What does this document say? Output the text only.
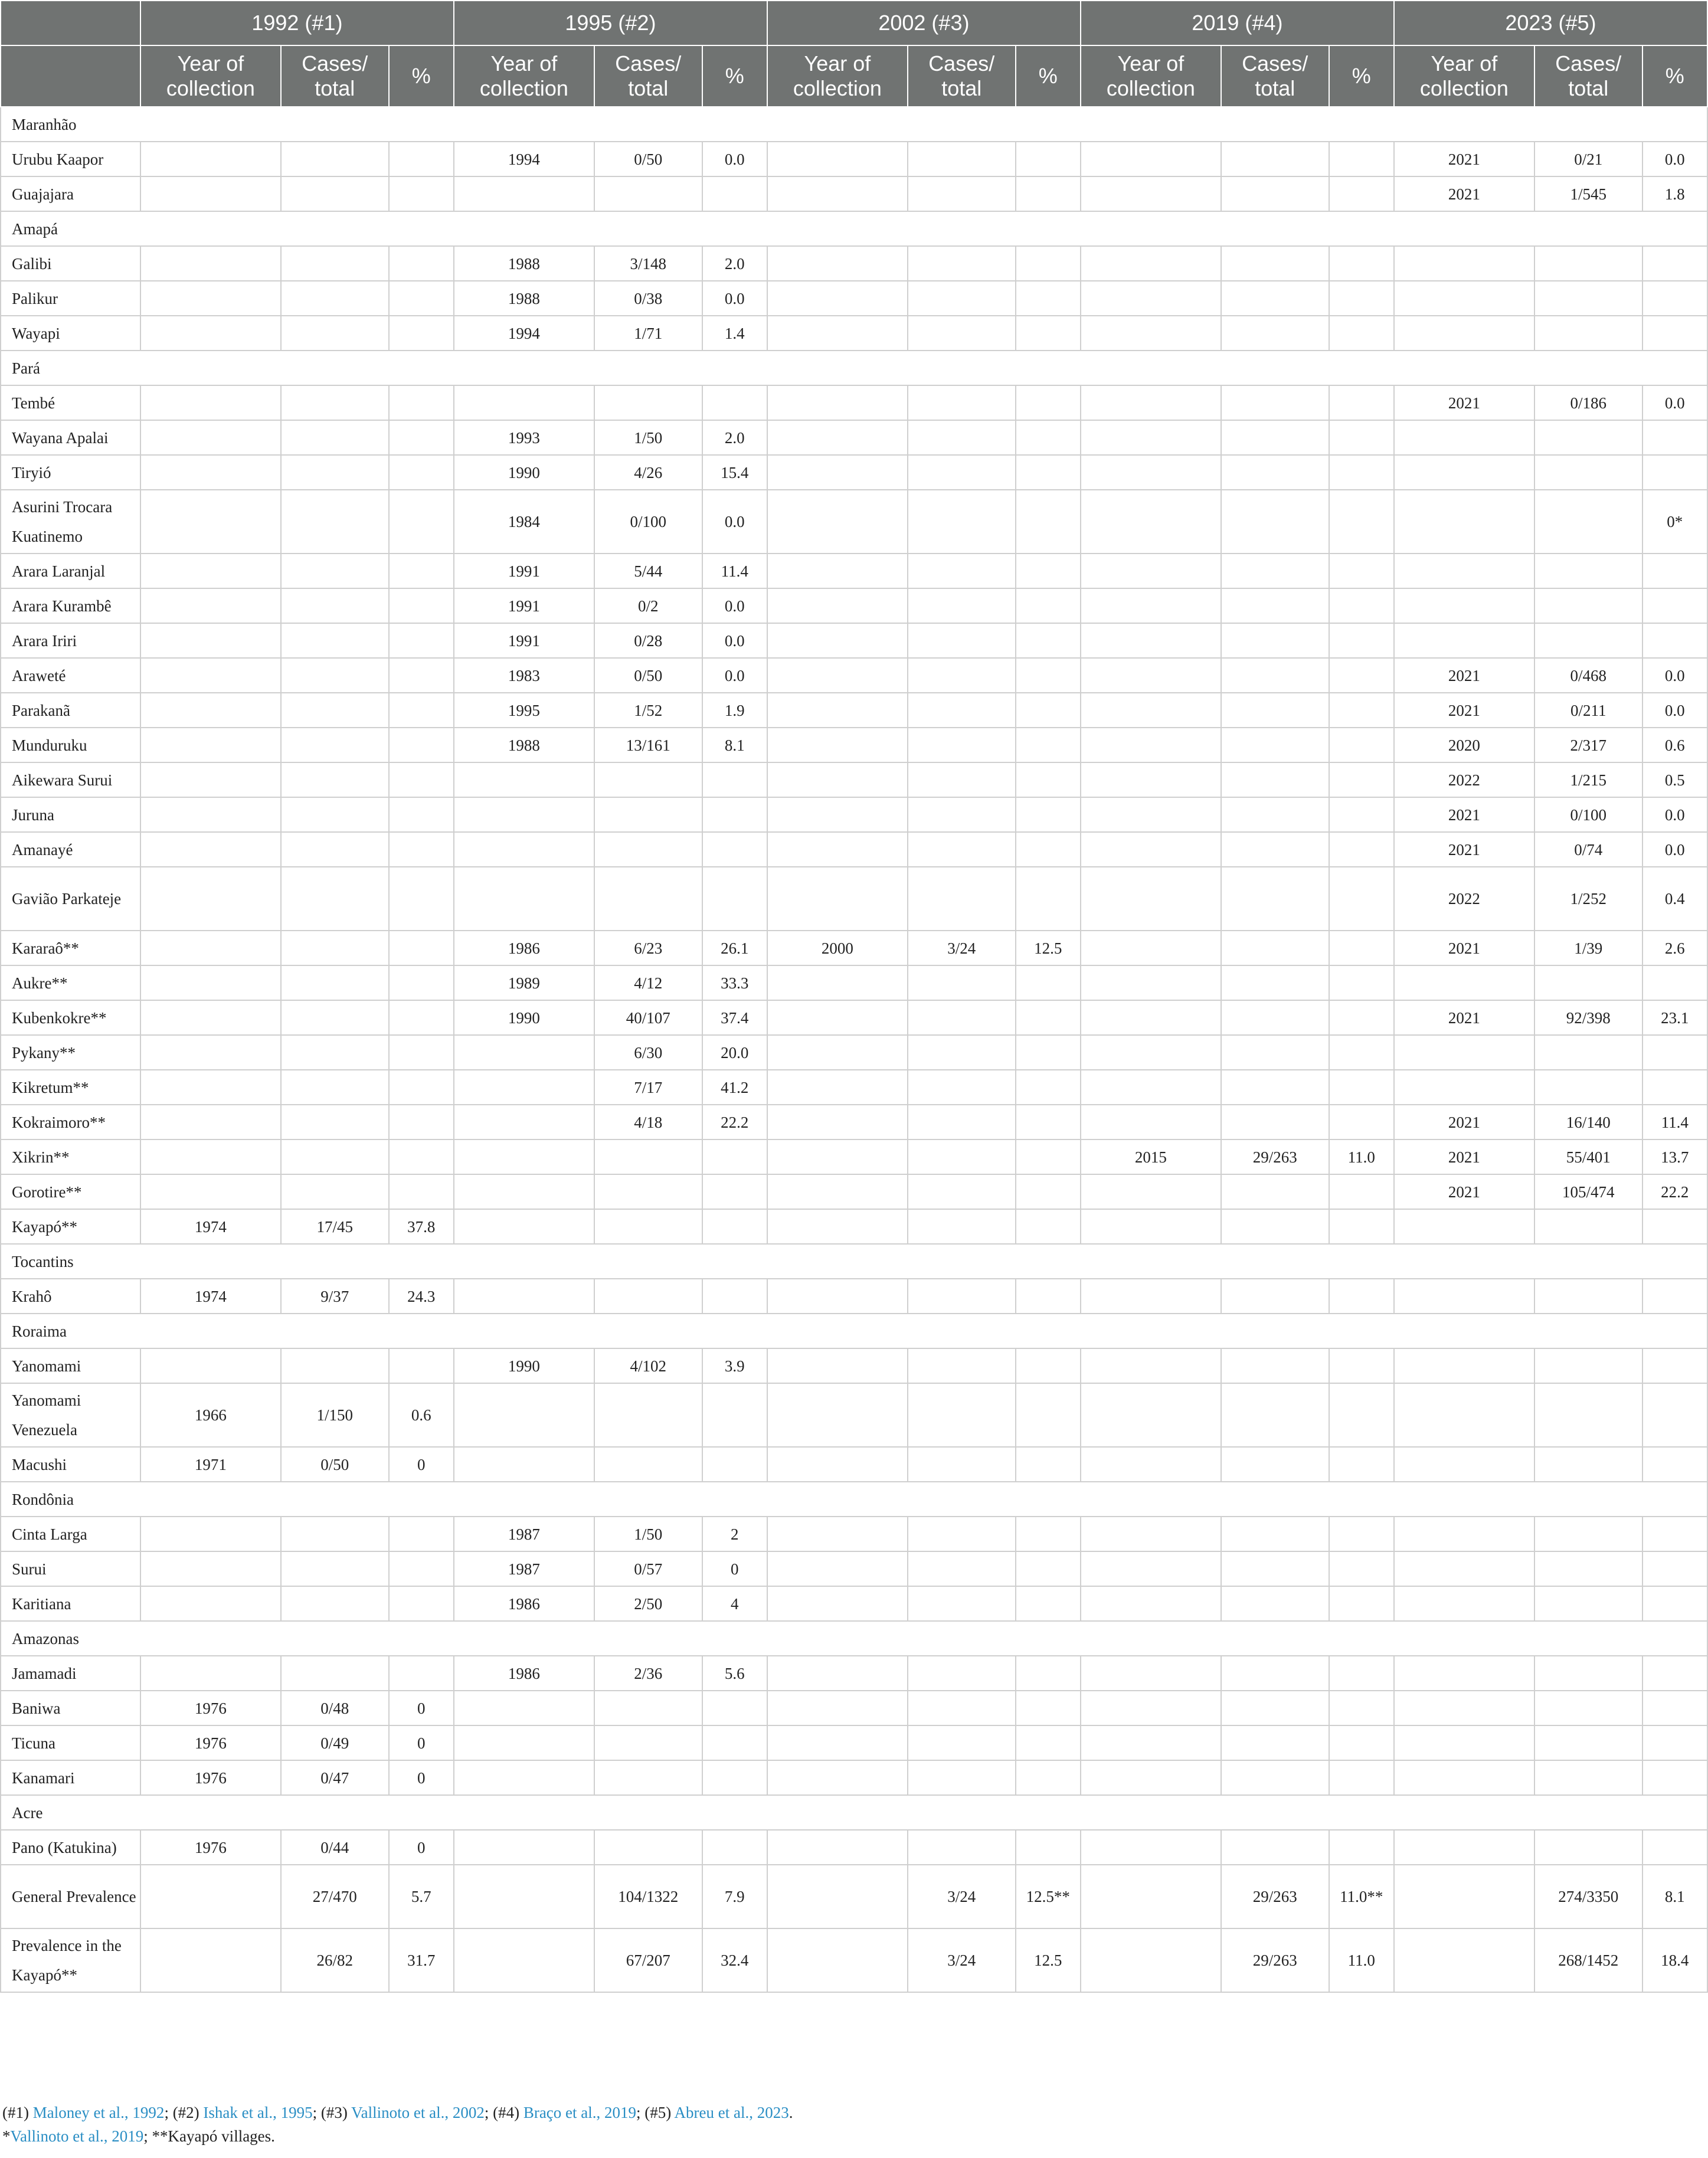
	1992 (#1)			1995 (#2)			2002 (#3)			2019 (#4)			2023 (#5)		
	Year of collection	Cases/ total	%	Year of collection	Cases/ total	%	Year of collection	Cases/ total	%	Year of collection	Cases/ total	%	Year of collection	Cases/ total	%
Maranhão															
Urubu Kaapor				1994	0/50	0.0							2021	0/21	0.0
Guajajara													2021	1/545	1.8
Amapá															
Galibi				1988	3/148	2.0									
Palikur				1988	0/38	0.0									
Wayapi				1994	1/71	1.4									
Pará															
Tembé													2021	0/186	0.0
Wayana Apalai				1993	1/50	2.0									
Tiryió				1990	4/26	15.4									
Asurini Trocara Kuatinemo				1984	0/100	0.0									0*
Arara Laranjal				1991	5/44	11.4									
Arara Kurambê				1991	0/2	0.0									
Arara Iriri				1991	0/28	0.0									
Araweté				1983	0/50	0.0							2021	0/468	0.0
Parakanã				1995	1/52	1.9							2021	0/211	0.0
Munduruku				1988	13/161	8.1							2020	2/317	0.6
Aikewara Surui													2022	1/215	0.5
Juruna													2021	0/100	0.0
Amanayé													2021	0/74	0.0
Gavião Parkateje													2022	1/252	0.4
Kararaô**				1986	6/23	26.1	2000	3/24	12.5				2021	1/39	2.6
Aukre**				1989	4/12	33.3									
Kubenkokre**				1990	40/107	37.4							2021	92/398	23.1
Pykany**					6/30	20.0									
Kikretum**					7/17	41.2									
Kokraimoro**					4/18	22.2							2021	16/140	11.4
Xikrin**										2015	29/263	11.0	2021	55/401	13.7
Gorotire**													2021	105/474	22.2
Kayapó**	1974	17/45	37.8												
Tocantins															
Krahô	1974	9/37	24.3												
Roraima															
Yanomami				1990	4/102	3.9									
Yanomami Venezuela	1966	1/150	0.6												
Macushi	1971	0/50	0												
Rondônia															
Cinta Larga				1987	1/50	2									
Surui				1987	0/57	0									
Karitiana				1986	2/50	4									
Amazonas															
Jamamadi				1986	2/36	5.6									
Baniwa	1976	0/48	0												
Ticuna	1976	0/49	0												
Kanamari	1976	0/47	0												
Acre															
Pano (Katukina)	1976	0/44	0												
General Prevalence		27/470	5.7		104/1322	7.9		3/24	12.5**		29/263	11.0**		274/3350	8.1
Prevalence in the Kayapó**		26/82	31.7		67/207	32.4		3/24	12.5		29/263	11.0		268/1452	18.4
(#1) Maloney et al., 1992; (#2) Ishak et al., 1995; (#3) Vallinoto et al., 2002; (#4) Braço et al., 2019; (#5) Abreu et al., 2023.
*Vallinoto et al., 2019; **Kayapó villages.
